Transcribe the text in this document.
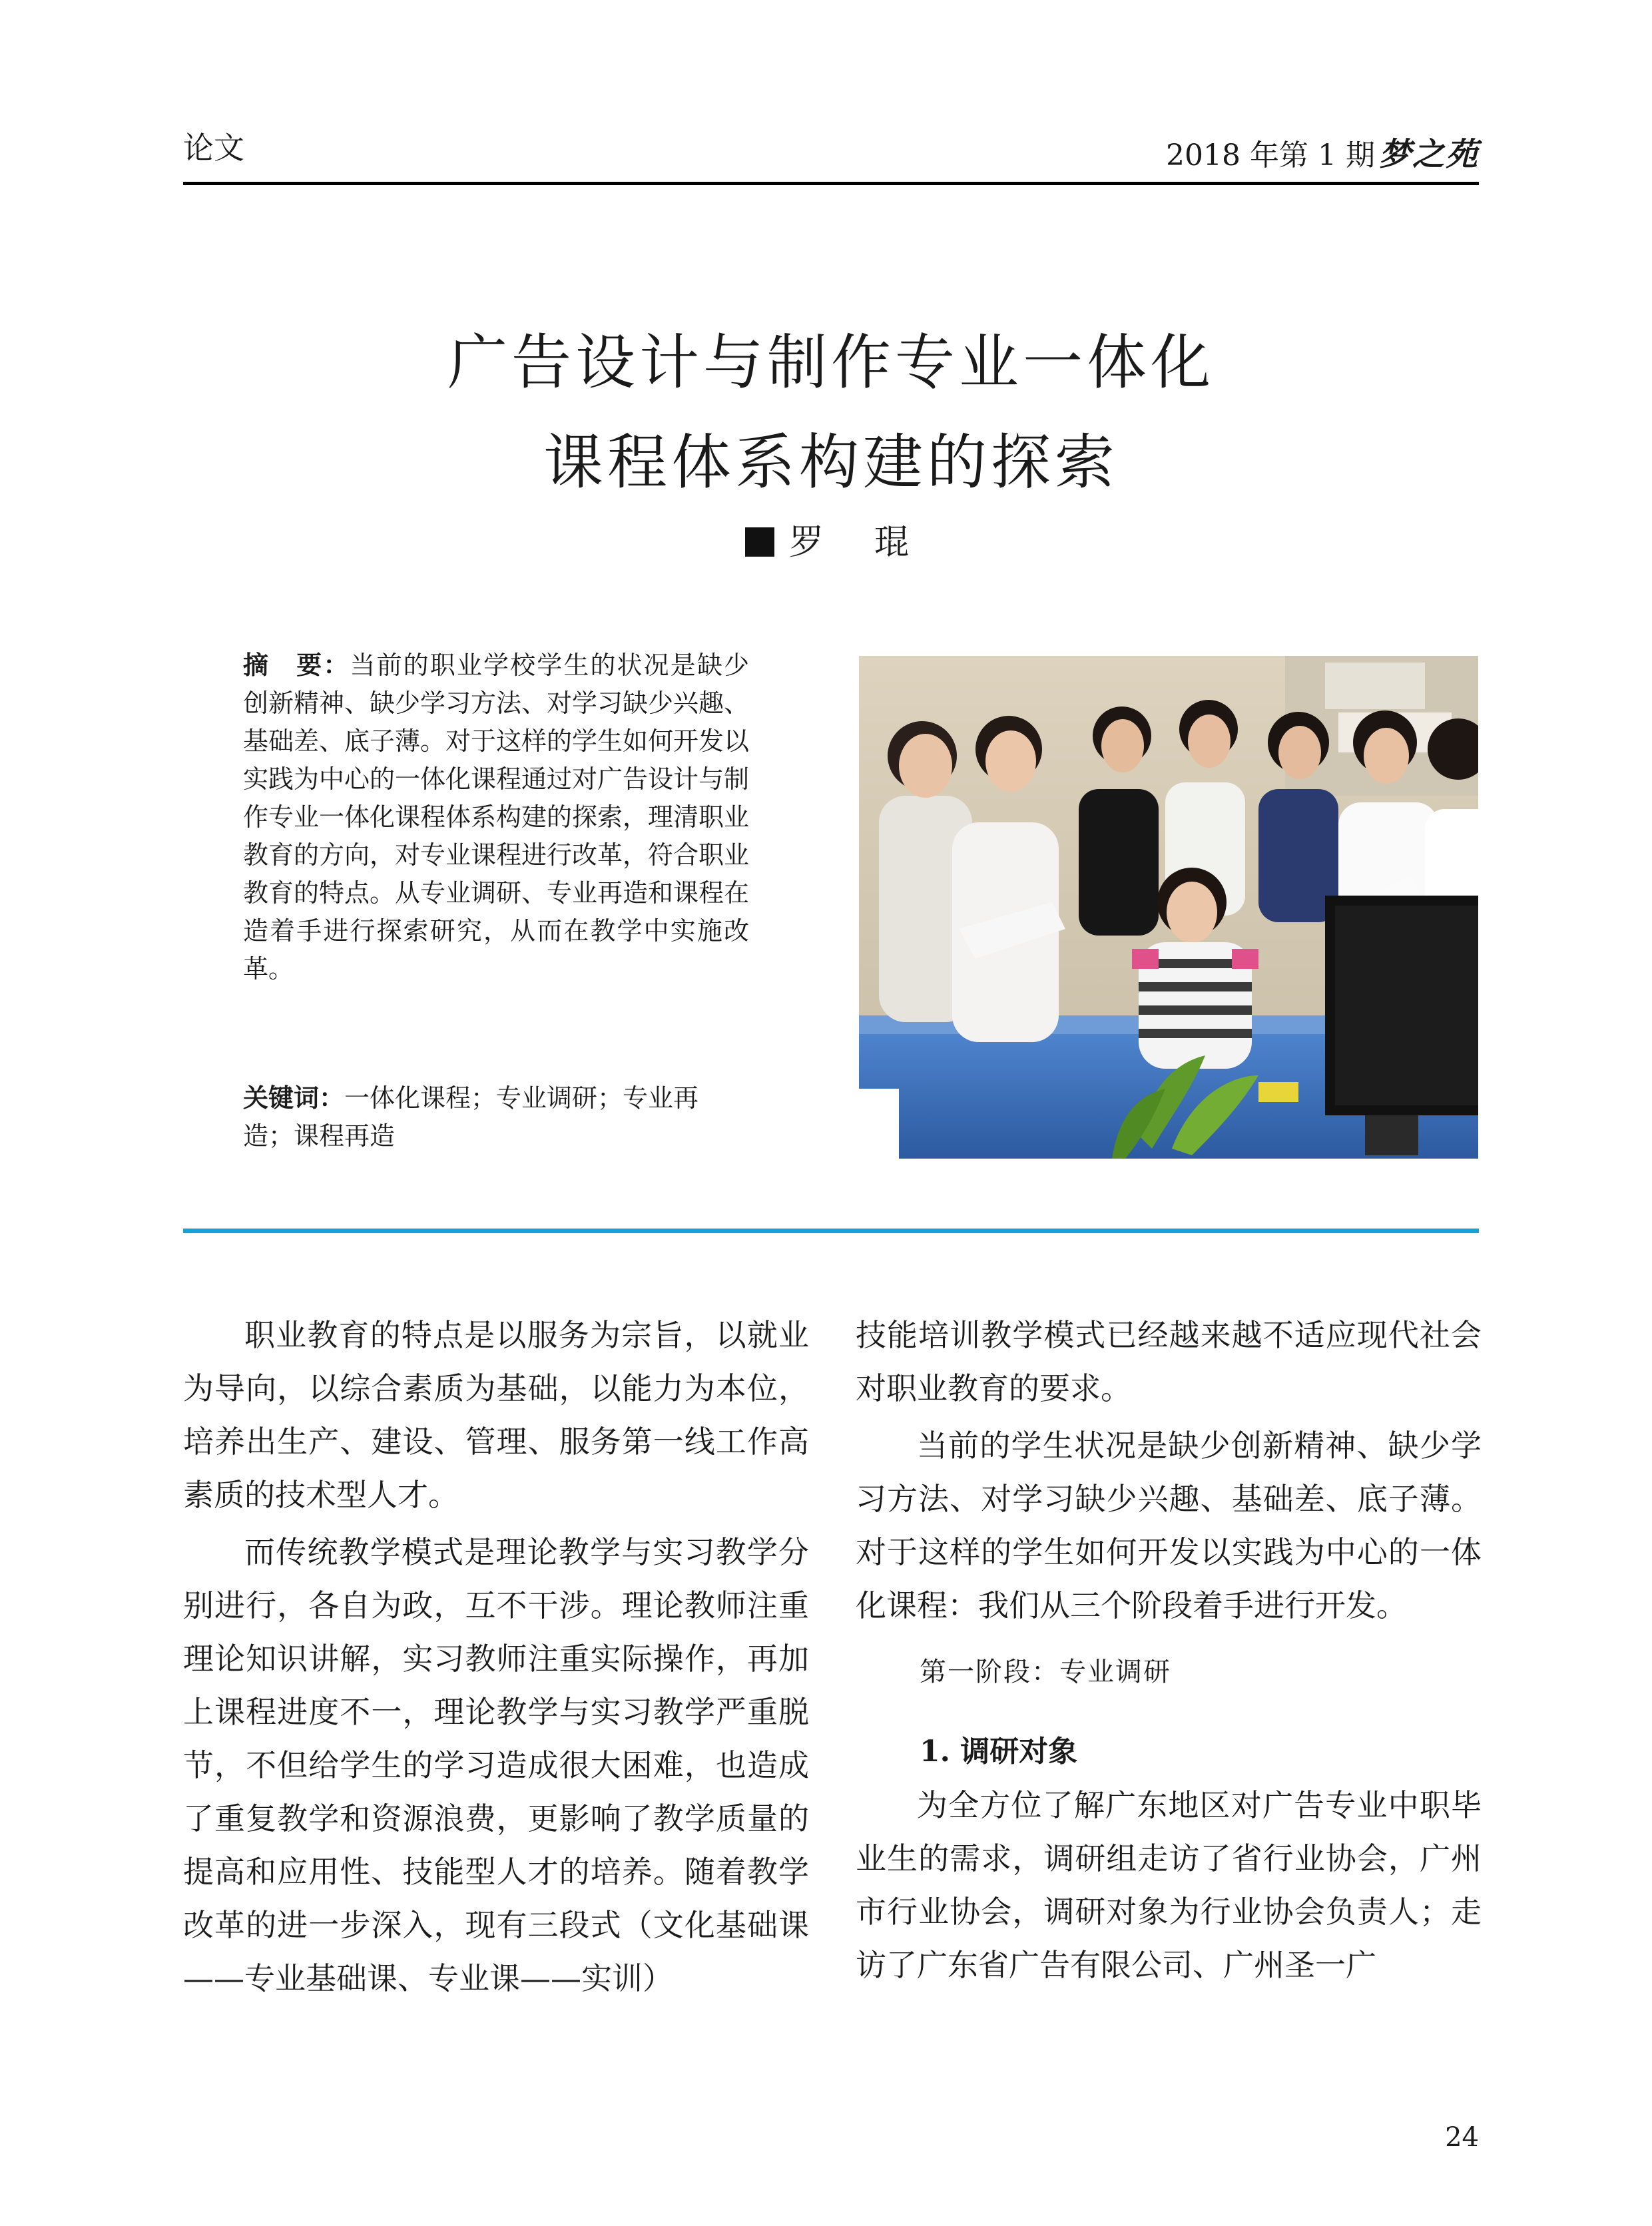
论文	2018 年第 1 期 梦之苑
广告设计与制作专业一体化
课程体系构建的探索
罗　琨
摘　要：当前的职业学校学生的状况是缺少创新精神、缺少学习方法、对学习缺少兴趣、基础差、底子薄。对于这样的学生如何开发以实践为中心的一体化课程通过对广告设计与制作专业一体化课程体系构建的探索，理清职业教育的方向，对专业课程进行改革，符合职业教育的特点。从专业调研、专业再造和课程在造着手进行探索研究，从而在教学中实施改革。
关键词：一体化课程；专业调研；专业再造；课程再造

职业教育的特点是以服务为宗旨，以就业为导向，以综合素质为基础，以能力为本位，培养出生产、建设、管理、服务第一线工作高素质的技术型人才。

而传统教学模式是理论教学与实习教学分别进行，各自为政，互不干涉。理论教师注重理论知识讲解，实习教师注重实际操作，再加上课程进度不一，理论教学与实习教学严重脱节，不但给学生的学习造成很大困难，也造成了重复教学和资源浪费，更影响了教学质量的提高和应用性、技能型人才的培养。随着教学改革的进一步深入，现有三段式（文化基础课——专业基础课、专业课——实训）

技能培训教学模式已经越来越不适应现代社会对职业教育的要求。

当前的学生状况是缺少创新精神、缺少学习方法、对学习缺少兴趣、基础差、底子薄。对于这样的学生如何开发以实践为中心的一体化课程：我们从三个阶段着手进行开发。

第一阶段：专业调研

1. 调研对象

为全方位了解广东地区对广告专业中职毕业生的需求，调研组走访了省行业协会，广州市行业协会，调研对象为行业协会负责人；走访了广东省广告有限公司、广州圣一广

24
